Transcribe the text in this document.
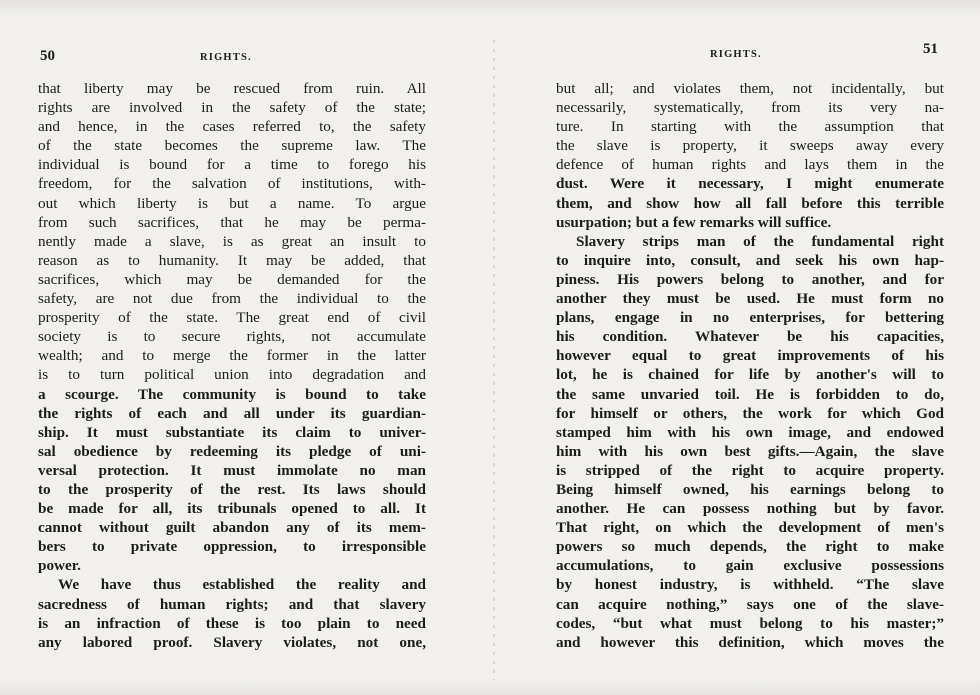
50	RIGHTS.
that liberty may be rescued from ruin. All
rights are involved in the safety of the state;
and hence, in the cases referred to, the safety
of the state becomes the supreme law. The
individual is bound for a time to forego his
freedom, for the salvation of institutions, with-
out which liberty is but a name. To argue
from such sacrifices, that he may be perma-
nently made a slave, is as great an insult to
reason as to humanity. It may be added, that
sacrifices, which may be demanded for the
safety, are not due from the individual to the
prosperity of the state. The great end of civil
society is to secure rights, not accumulate
wealth; and to merge the former in the latter
is to turn political union into degradation and
a scourge. The community is bound to take
the rights of each and all under its guardian-
ship. It must substantiate its claim to univer-
sal obedience by redeeming its pledge of uni-
versal protection. It must immolate no man
to the prosperity of the rest. Its laws should
be made for all, its tribunals opened to all. It
cannot without guilt abandon any of its mem-
bers to private oppression, to irresponsible
power.
We have thus established the reality and
sacredness of human rights; and that slavery
is an infraction of these is too plain to need
any labored proof. Slavery violates, not one,
RIGHTS.	51
but all; and violates them, not incidentally, but
necessarily, systematically, from its very na-
ture. In starting with the assumption that
the slave is property, it sweeps away every
defence of human rights and lays them in the
dust. Were it necessary, I might enumerate
them, and show how all fall before this terrible
usurpation; but a few remarks will suffice.
Slavery strips man of the fundamental right
to inquire into, consult, and seek his own hap-
piness. His powers belong to another, and for
another they must be used. He must form no
plans, engage in no enterprises, for bettering
his condition. Whatever be his capacities,
however equal to great improvements of his
lot, he is chained for life by another's will to
the same unvaried toil. He is forbidden to do,
for himself or others, the work for which God
stamped him with his own image, and endowed
him with his own best gifts.—Again, the slave
is stripped of the right to acquire property.
Being himself owned, his earnings belong to
another. He can possess nothing but by favor.
That right, on which the development of men's
powers so much depends, the right to make
accumulations, to gain exclusive possessions
by honest industry, is withheld. “The slave
can acquire nothing,” says one of the slave-
codes, “but what must belong to his master;”
and however this definition, which moves the
